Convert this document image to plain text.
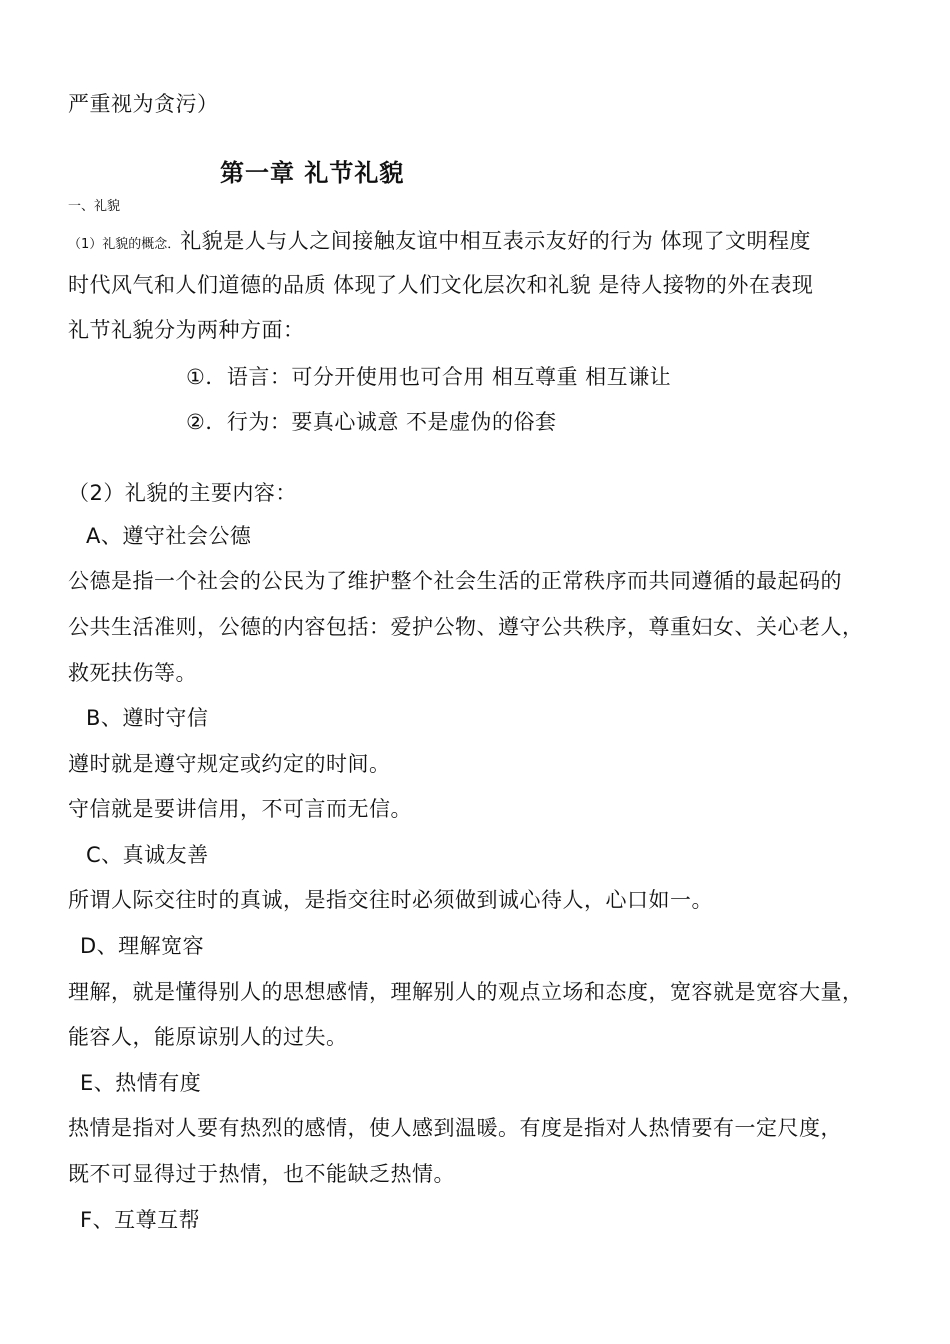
严重视为贪污）
第一章 礼节礼貌
一、礼貌
（1）礼貌的概念．礼貌是人与人之间接触友谊中相互表示友好的行为 体现了文明程度
时代风气和人们道德的品质 体现了人们文化层次和礼貌 是待人接物的外在表现
礼节礼貌分为两种方面：
①．语言：可分开使用也可合用 相互尊重 相互谦让
②．行为：要真心诚意 不是虚伪的俗套
（2）礼貌的主要内容：
A、遵守社会公德
公德是指一个社会的公民为了维护整个社会生活的正常秩序而共同遵循的最起码的
公共生活准则，公德的内容包括：爱护公物、遵守公共秩序，尊重妇女、关心老人，
救死扶伤等。
B、遵时守信
遵时就是遵守规定或约定的时间。
守信就是要讲信用，不可言而无信。
C、真诚友善
所谓人际交往时的真诚，是指交往时必须做到诚心待人，心口如一。
D、理解宽容
理解，就是懂得别人的思想感情，理解别人的观点立场和态度，宽容就是宽容大量，
能容人，能原谅别人的过失。
E、热情有度
热情是指对人要有热烈的感情，使人感到温暖。有度是指对人热情要有一定尺度，
既不可显得过于热情，也不能缺乏热情。
F、互尊互帮
